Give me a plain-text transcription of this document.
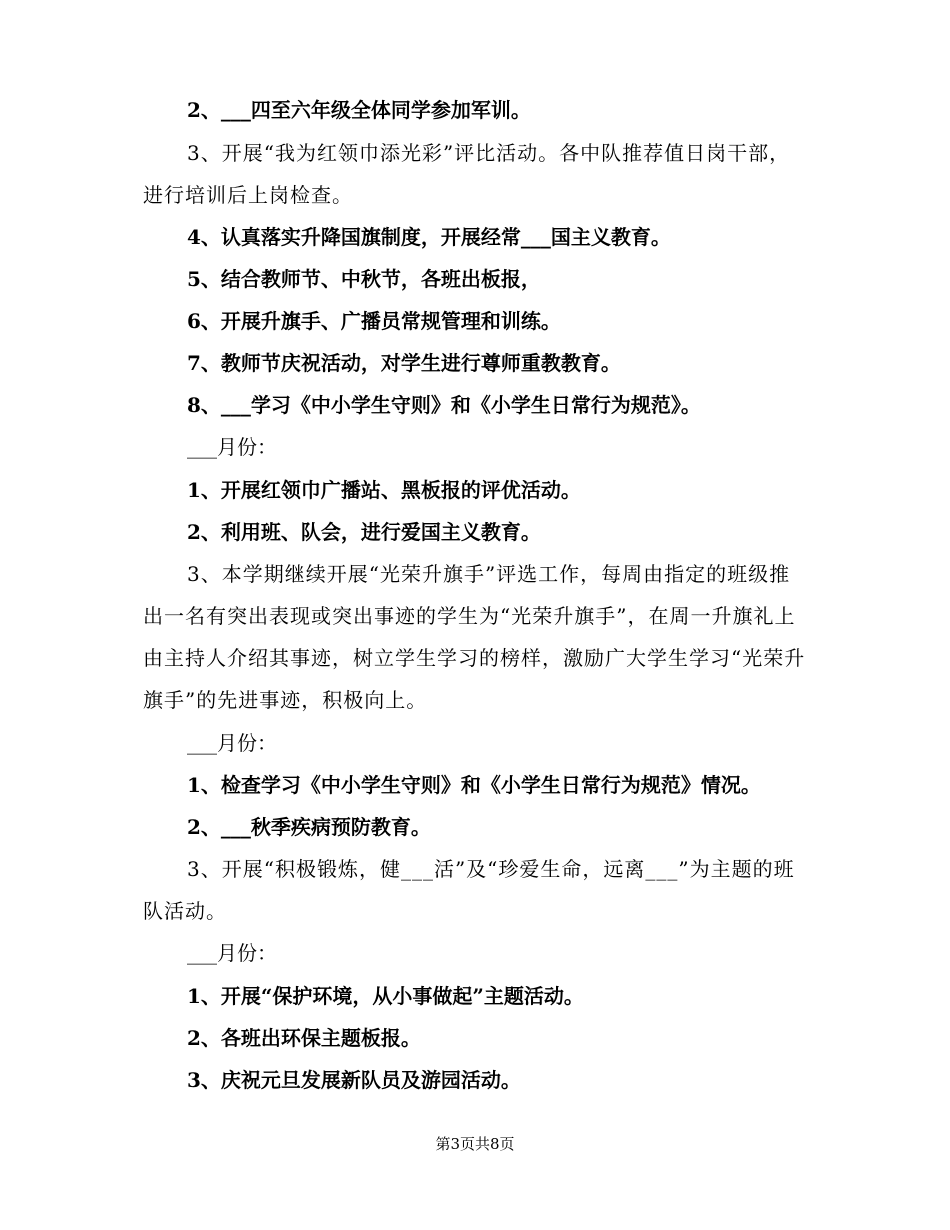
2、___四至六年级全体同学参加军训。
3、开展“我为红领巾添光彩”评比活动。各中队推荐值日岗干部，进行培训后上岗检查。
4、认真落实升降国旗制度，开展经常___国主义教育。
5、结合教师节、中秋节，各班出板报，
6、开展升旗手、广播员常规管理和训练。
7、教师节庆祝活动，对学生进行尊师重教教育。
8、___学习《中小学生守则》和《小学生日常行为规范》。
___月份：
1、开展红领巾广播站、黑板报的评优活动。
2、利用班、队会，进行爱国主义教育。
3、本学期继续开展“光荣升旗手”评选工作，每周由指定的班级推出一名有突出表现或突出事迹的学生为“光荣升旗手”，在周一升旗礼上由主持人介绍其事迹，树立学生学习的榜样，激励广大学生学习“光荣升旗手”的先进事迹，积极向上。
___月份：
1、检查学习《中小学生守则》和《小学生日常行为规范》情况。
2、___秋季疾病预防教育。
3、开展“积极锻炼，健___活”及“珍爱生命，远离___”为主题的班队活动。
___月份：
1、开展“保护环境，从小事做起”主题活动。
2、各班出环保主题板报。
3、庆祝元旦发展新队员及游园活动。
第3页共8页
